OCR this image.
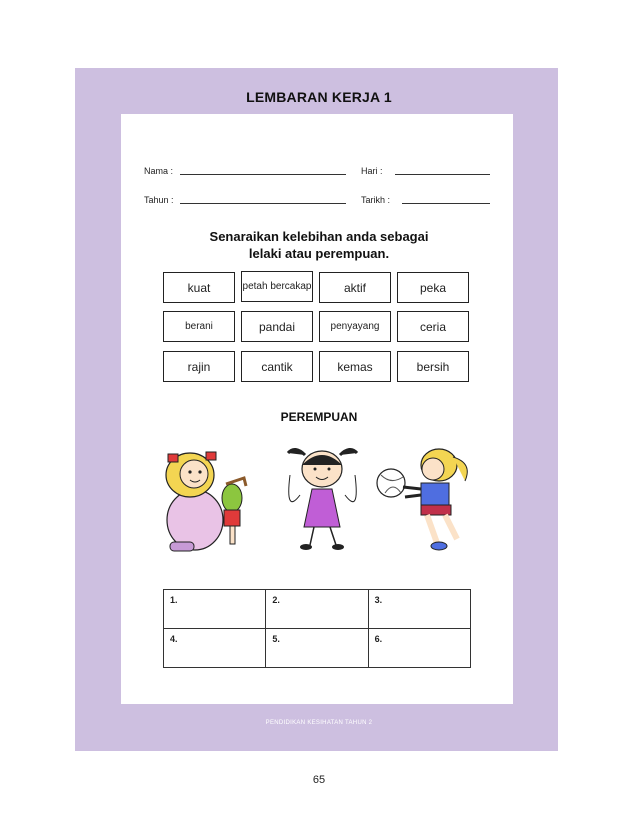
LEMBARAN KERJA 1
Nama :	Hari :
Tahun :	Tarikh :
Senaraikan kelebihan anda sebagai
lelaki atau perempuan.
kuat	petah bercakap	aktif	peka
berani	pandai	penyayang	ceria
rajin	cantik	kemas	bersih
PEREMPUAN
1.	2.	3.
4.	5.	6.
PENDIDIKAN KESIHATAN TAHUN 2
65
